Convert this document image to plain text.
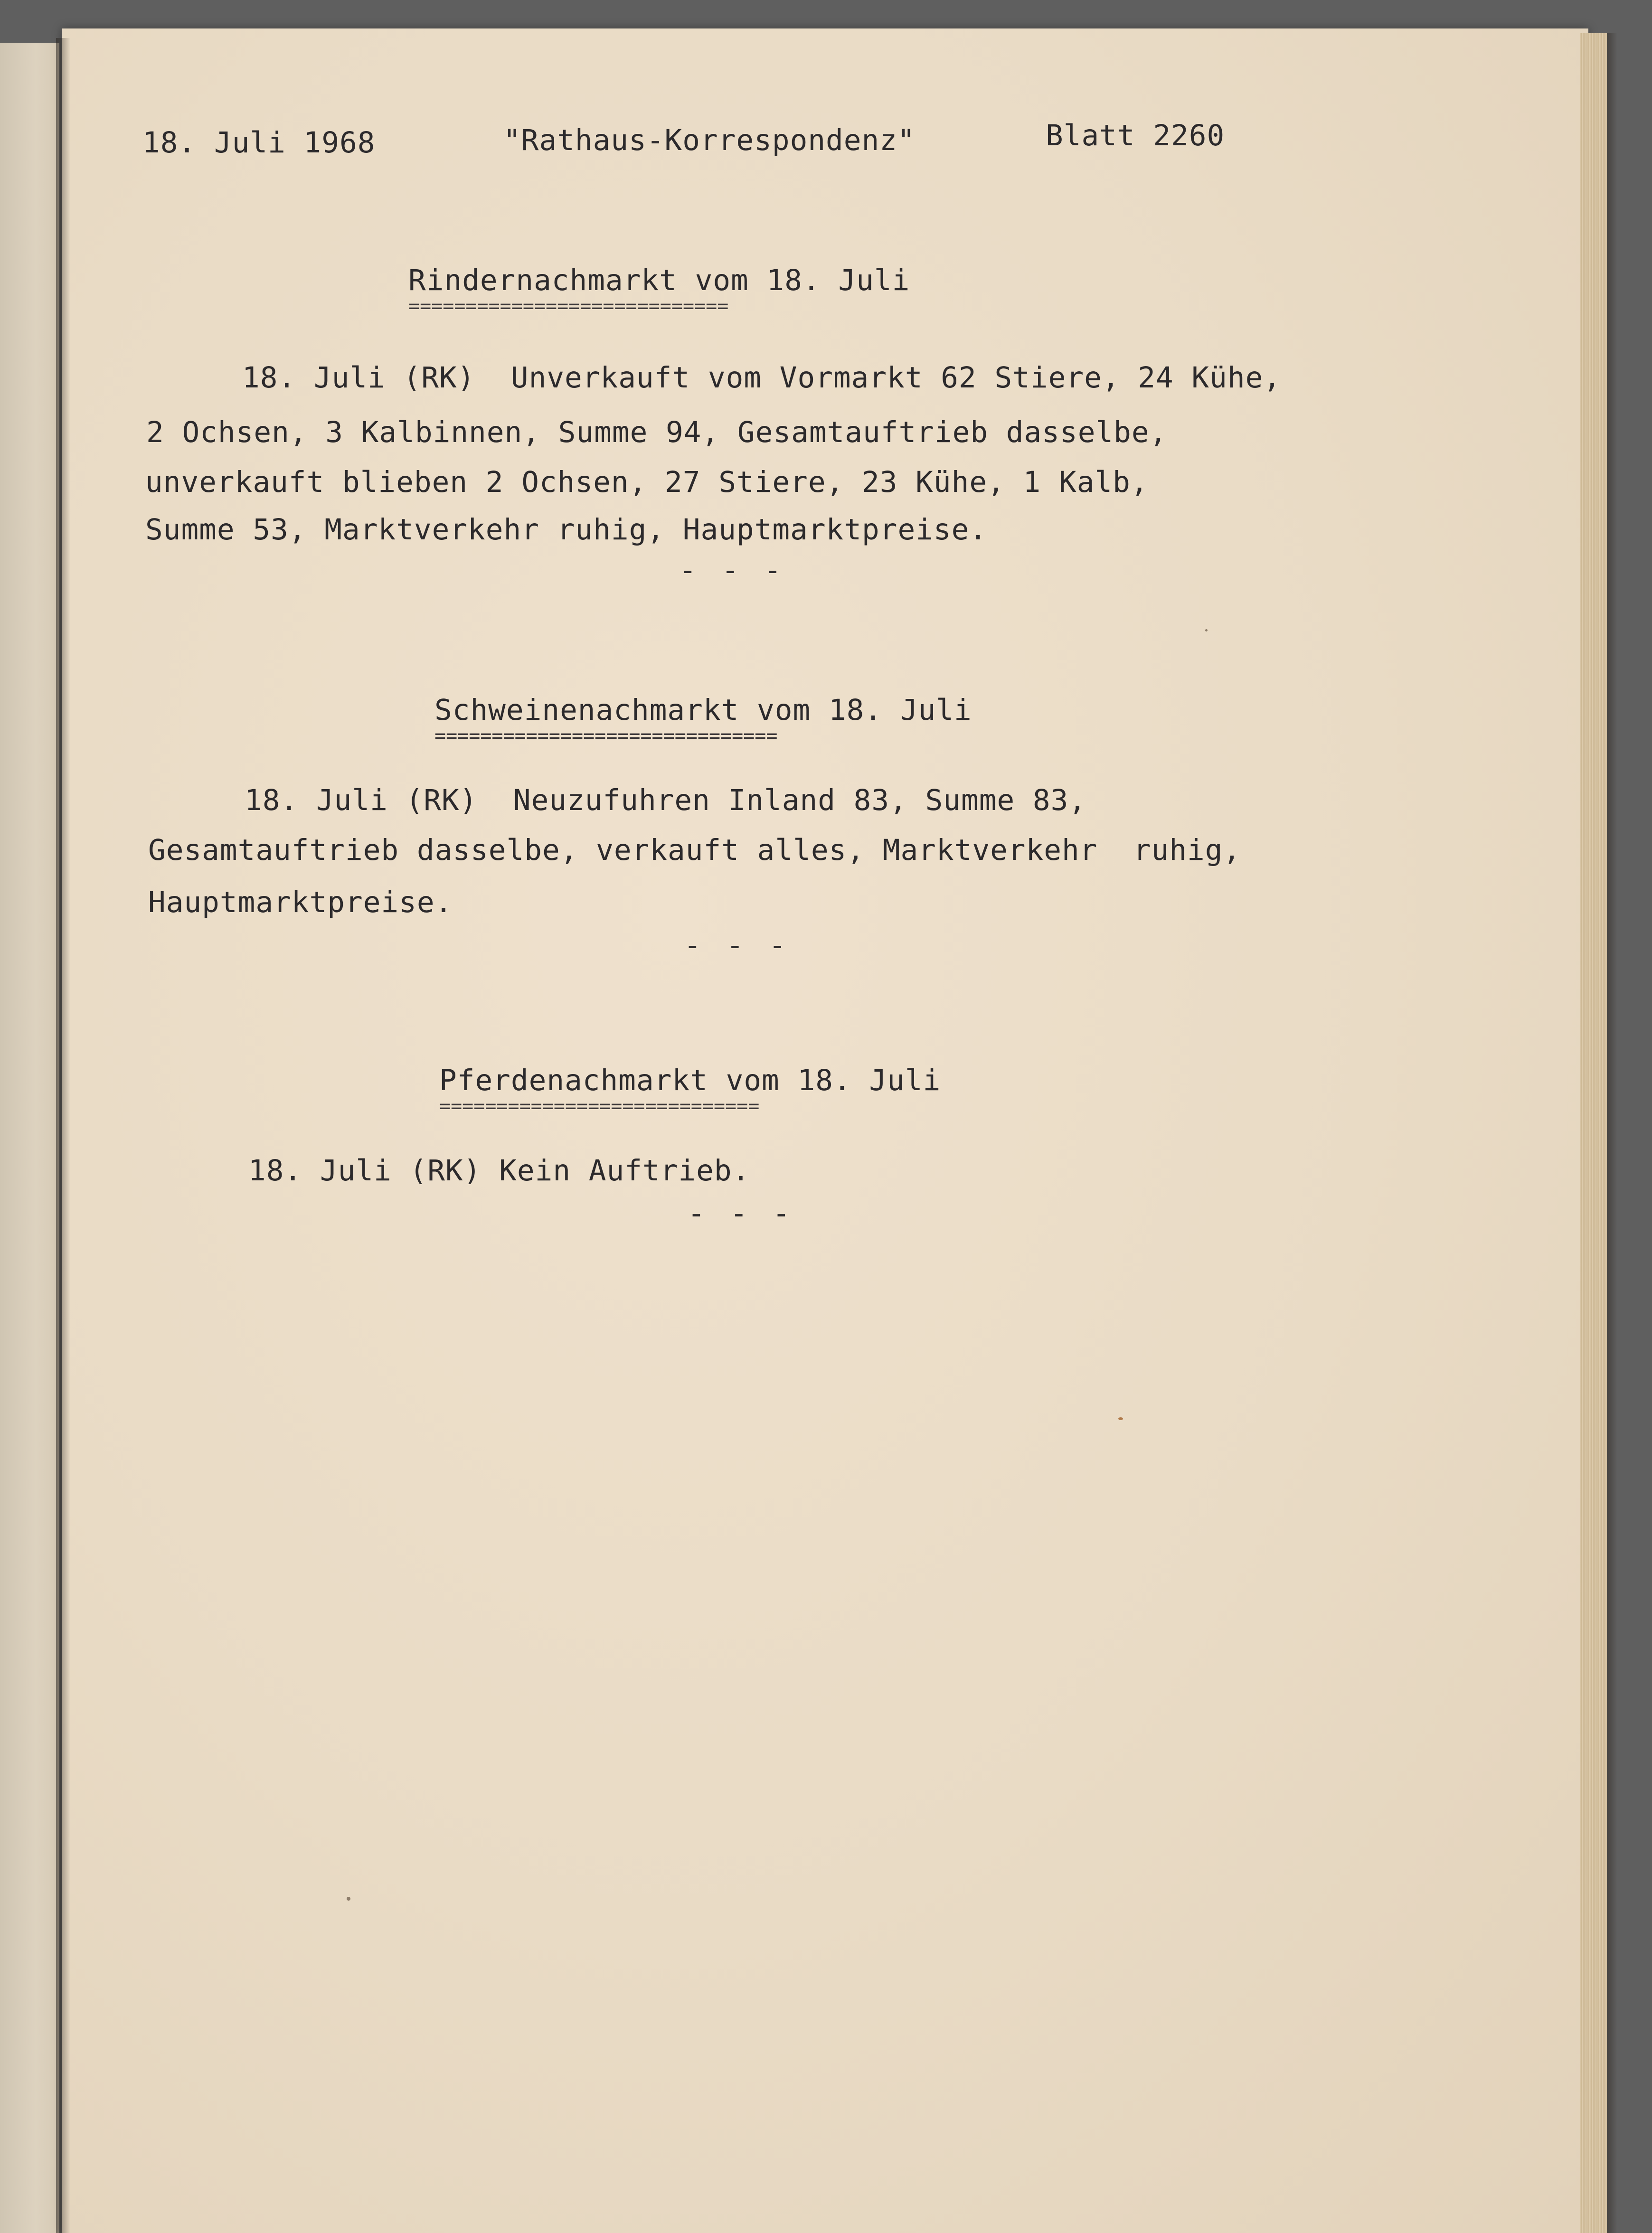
18. Juli 1968	"Rathaus-Korrespondenz"	Blatt 2260
Rindernachmarkt vom 18. Juli
============================
18. Juli (RK)  Unverkauft vom Vormarkt 62 Stiere, 24 Kühe,
2 Ochsen, 3 Kalbinnen, Summe 94, Gesamtauftrieb dasselbe,
unverkauft blieben 2 Ochsen, 27 Stiere, 23 Kühe, 1 Kalb,
Summe 53, Marktverkehr ruhig, Hauptmarktpreise.
- - -
Schweinenachmarkt vom 18. Juli
==============================
18. Juli (RK)  Neuzufuhren Inland 83, Summe 83,
Gesamtauftrieb dasselbe, verkauft alles, Marktverkehr  ruhig,
Hauptmarktpreise.
- - -
Pferdenachmarkt vom 18. Juli
============================
18. Juli (RK) Kein Auftrieb.
- - -
